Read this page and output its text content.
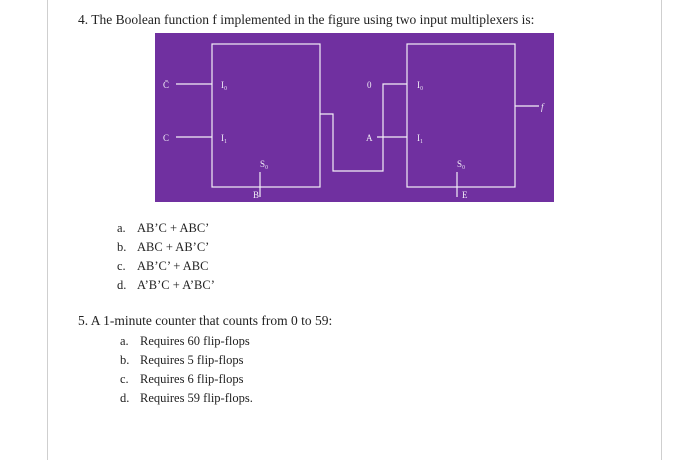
4. The Boolean function f implemented in the figure using two input multiplexers is:
C̄
C
I₀
I₁
S₀
B
0
A
I₀
I₁
S₀
E
f
a. AB’C + ABC’
b. ABC + AB’C’
c. AB’C’ + ABC
d. A’B’C + A’BC’
5. A 1-minute counter that counts from 0 to 59:
a. Requires 60 flip-flops
b. Requires 5 flip-flops
c. Requires 6 flip-flops
d. Requires 59 flip-flops.
